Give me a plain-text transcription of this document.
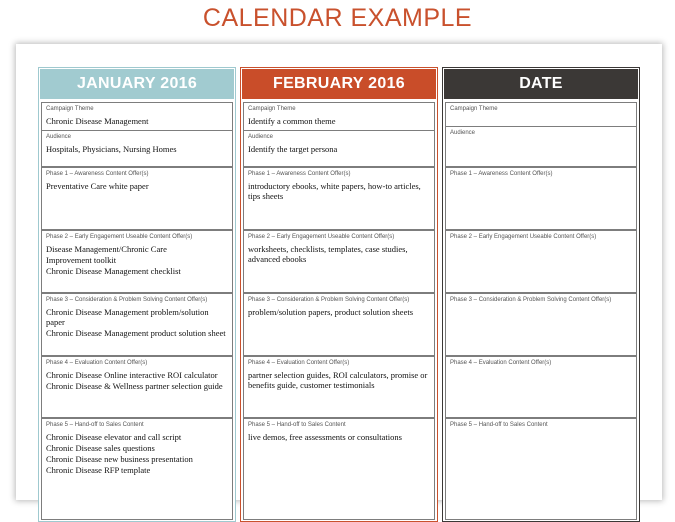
CALENDAR EXAMPLE
JANUARY 2016
Campaign Theme
Chronic Disease Management
Audience
Hospitals, Physicians, Nursing Homes
Phase 1 – Awareness Content Offer(s)
Preventative Care white paper
Phase 2 – Early Engagement Useable Content Offer(s)
Disease Management/Chronic Care
Improvement toolkit
Chronic Disease Management checklist
Phase 3 – Consideration & Problem Solving Content Offer(s)
Chronic Disease Management problem/solution paper
Chronic Disease Management product solution sheet
Phase 4 – Evaluation Content Offer(s)
Chronic Disease Online interactive ROI calculator
Chronic Disease & Wellness partner selection guide
Phase 5 – Hand-off to Sales Content
Chronic Disease elevator and call script
Chronic Disease sales questions
Chronic Disease new business presentation
Chronic Disease RFP template
FEBRUARY 2016
Campaign Theme
Identify a common theme
Audience
Identify the target persona
Phase 1 – Awareness Content Offer(s)
introductory ebooks, white papers, how-to articles, tips sheets
Phase 2 – Early Engagement Useable Content Offer(s)
worksheets, checklists, templates, case studies, advanced ebooks
Phase 3 – Consideration & Problem Solving Content Offer(s)
problem/solution papers, product solution sheets
Phase 4 – Evaluation Content Offer(s)
partner selection guides, ROI calculators, promise or benefits guide, customer testimonials
Phase 5 – Hand-off to Sales Content
live demos, free assessments or consultations
DATE
Campaign Theme
Audience
Phase 1 – Awareness Content Offer(s)
Phase 2 – Early Engagement Useable Content Offer(s)
Phase 3 – Consideration & Problem Solving Content Offer(s)
Phase 4 – Evaluation Content Offer(s)
Phase 5 – Hand-off to Sales Content
